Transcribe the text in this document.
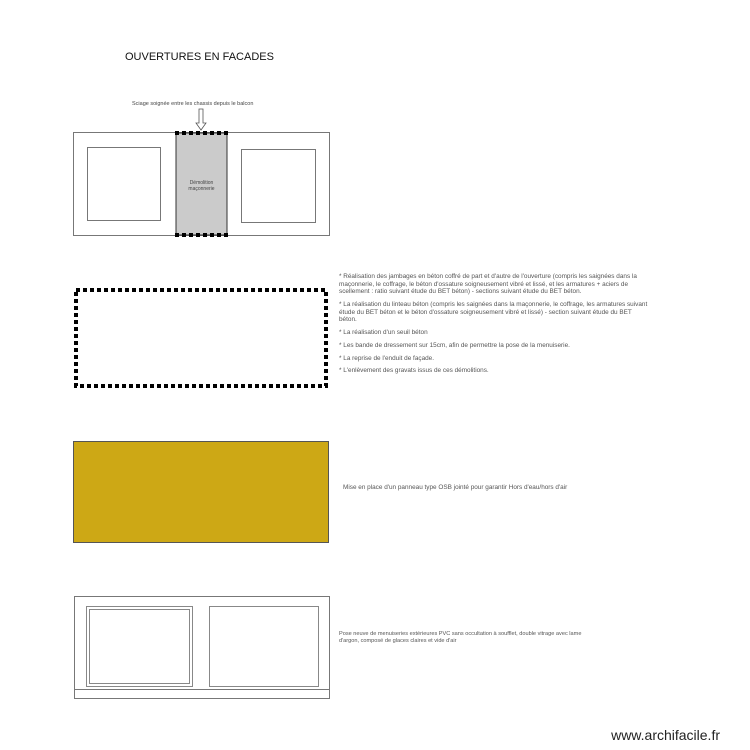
OUVERTURES EN FACADES
Sciage soignée entre les chassis depuis le balcon
Démolition maçonnerie

* Réalisation des jambages en béton coffré de part et d'autre de l'ouverture (compris les saignées dans la maçonnerie, le coffrage, le béton d'ossature soigneusement vibré et lissé, et les armatures + aciers de scellement : ratio suivant étude du BET béton) - sections suivant étude du BET béton.

* La réalisation du linteau béton (compris les saignées dans la maçonnerie, le coffrage, les armatures suivant étude du BET béton et le béton d'ossature soigneusement vibré et lissé) - section suivant étude du BET béton.

* La réalisation d'un seuil béton

* Les bande de dressement sur 15cm, afin de permettre la pose de la menuiserie.

* La reprise de l'enduit de façade.

* L'enlèvement des gravats issus de ces démolitions.

Mise en place d'un panneau type OSB jointé pour garantir Hors d'eau/hors d'air
Pose neuve de menuiseries extérieures PVC sans occultation à soufflet, double vitrage avec lame d'argon, composé de glaces claires et vide d'air
www.archifacile.fr
